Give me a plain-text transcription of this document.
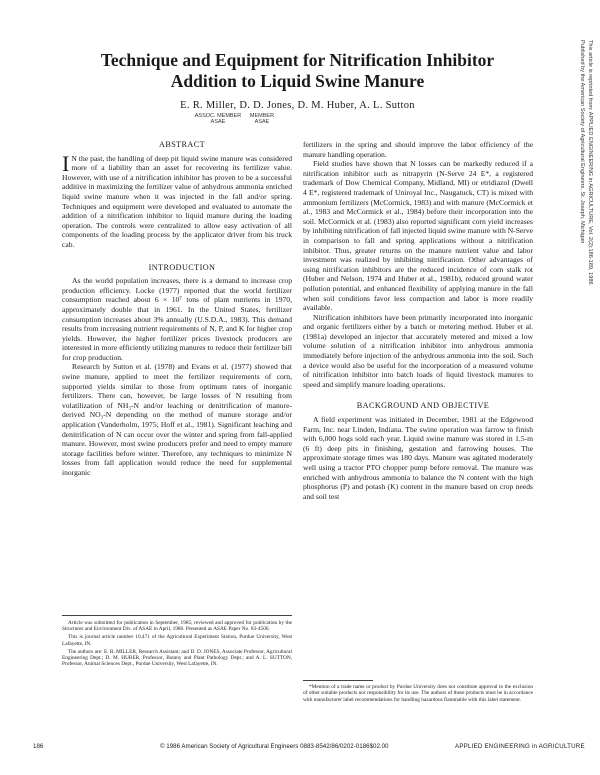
Technique and Equipment for Nitrification Inhibitor
Addition to Liquid Swine Manure
E. R. Miller, D. D. Jones, D. M. Huber, A. L. Sutton
ASSOC. MEMBER
ASAE
MEMBER
ASAE

ABSTRACT

I N the past, the handling of deep pit liquid swine manure was considered more of a liability than an asset for recovering its fertilizer value. However, with use of a nitrification inhibitor has proven to be a successful additive in maximizing the fertilizer value of anhydrous ammonia enriched liquid swine manure when it was injected in the fall and/or spring. Techniques and equipment were developed and evaluated to automate the addition of a nitrification inhibitor to liquid manure during the loading operation. The controls were centralized to allow easy activation of all components of the loading process by the applicator driver from his truck cab.

INTRODUCTION

As the world population increases, there is a demand to increase crop production efficiency. Locke (1977) reported that the world fertilizer consumption reached about 6 × 10⁷ tons of plant nutrients in 1970, approximately double that in 1961. In the United States, fertilizer consumption increases about 3% annually (U.S.D.A., 1983). This demand results from increasing nutrient requirements of N, P, and K for higher crop yields. However, the higher fertilizer prices livestock producers are interested in more efficiently utilizing manures to reduce their fertilizer bill for crop production.

Research by Sutton et al. (1978) and Evans et al. (1977) showed that swine manure, applied to meet the fertilizer requirements of corn, supported yields similar to those from optimum rates of inorganic fertilizers. There can, however, be large losses of N resulting from volatilization of NH₃-N and/or leaching or denitrification of manure-derived NO₃-N depending on the method of manure storage and/or application (Vanderholm, 1975; Hoff et al., 1981). Significant leaching and denitrification of N can occur over the winter and spring from fall-applied manure. However, most swine producers prefer and need to empty manure storage facilities before winter. Therefore, any techniques to minimize N losses from fall application would reduce the need for supplemental inorganic

Article was submitted for publication in September, 1985; reviewed and approved for publication by the Structures and Environment Div. of ASAE in April, 1986. Presented as ASAE Paper No. 83-4506.

This is journal article number 10,471 of the Agricultural Experiment Station, Purdue University, West Lafayette, IN.

The authors are: E. R. MILLER, Research Assistant; and D. D. JONES, Associate Professor, Agricultural Engineering Dept.; D. M. HUBER, Professor, Botany and Plant Pathology Dept.; and A. L. SUTTON, Professor, Animal Sciences Dept., Purdue University, West Lafayette, IN.

fertilizers in the spring and should improve the labor efficiency of the manure handling operation.

Field studies have shown that N losses can be markedly reduced if a nitrification inhibitor such as nitrapyrin (N-Serve 24 E*, a registered trademark of Dow Chemical Company, Midland, MI) or etridiazol (Dwell 4 E*, registered trademark of Uniroyal Inc., Naugatuck, CT) is mixed with ammonium fertilizers (McCormick, 1983) and with manure (McCormick et al., 1983 and McCormick et al., 1984) before their incorporation into the soil. McCormick et al. (1983) also reported significant corn yield increases by inhibiting nitrification of fall injected liquid swine manure with N-Serve in comparison to fall and spring applications without a nitrification inhibitor. Thus, greater returns on the manure nutrient value and labor investment was realized by inhibiting nitrification. Other advantages of using nitrification inhibitors are the reduced incidence of corn stalk rot (Huber and Nelson, 1974 and Huber et al., 1981b), reduced ground water pollution potential, and enhanced flexibility of applying manure in the fall when soil conditions favor less compaction and labor is more readily available.

Nitrification inhibitors have been primarily incorporated into inorganic and organic fertilizers either by a batch or metering method. Huber et al. (1981a) developed an injector that accurately metered and mixed a low volume solution of a nitrification inhibitor into anhydrous ammonia immediately before injection of the anhydrous ammonia into the soil. Such a device would also be useful for the incorporation of a measured volume of nitrification inhibitor into batch loads of liquid livestock manures to speed and simplify manure loading operations.

BACKGROUND AND OBJECTIVE

A field experiment was initiated in December, 1981 at the Edgewood Farm, Inc. near Linden, Indiana. The swine operation was farrow to finish with 6,000 hogs sold each year. Liquid swine manure was stored in 1.5-m (6 ft) deep pits in finishing, gestation and farrowing houses. The approximate storage times was 180 days. Manure was agitated moderately well using a tractor PTO chopper pump before removal. The manure was enriched with anhydrous ammonia to balance the N content with the high phosphorus (P) and potash (K) content in the manure based on crop needs and soil test

*Mention of a trade name or product by Purdue University does not constitute approval to the exclusion of other suitable products nor responsibility for its use. The authors of these products must be in accordance with manufacturer label recommendations for handling hazardous flammable with this label statement.

This article is reprinted from: APPLIED ENGINEERING in AGRICULTURE, Vol. 2(2):186-189, 1986
Published by the American Society of Agricultural Engineers, St. Joseph, Michigan
186	© 1986 American Society of Agricultural Engineers 0883-8542/86/0202-0186$02.00	APPLIED ENGINEERING in AGRICULTURE
